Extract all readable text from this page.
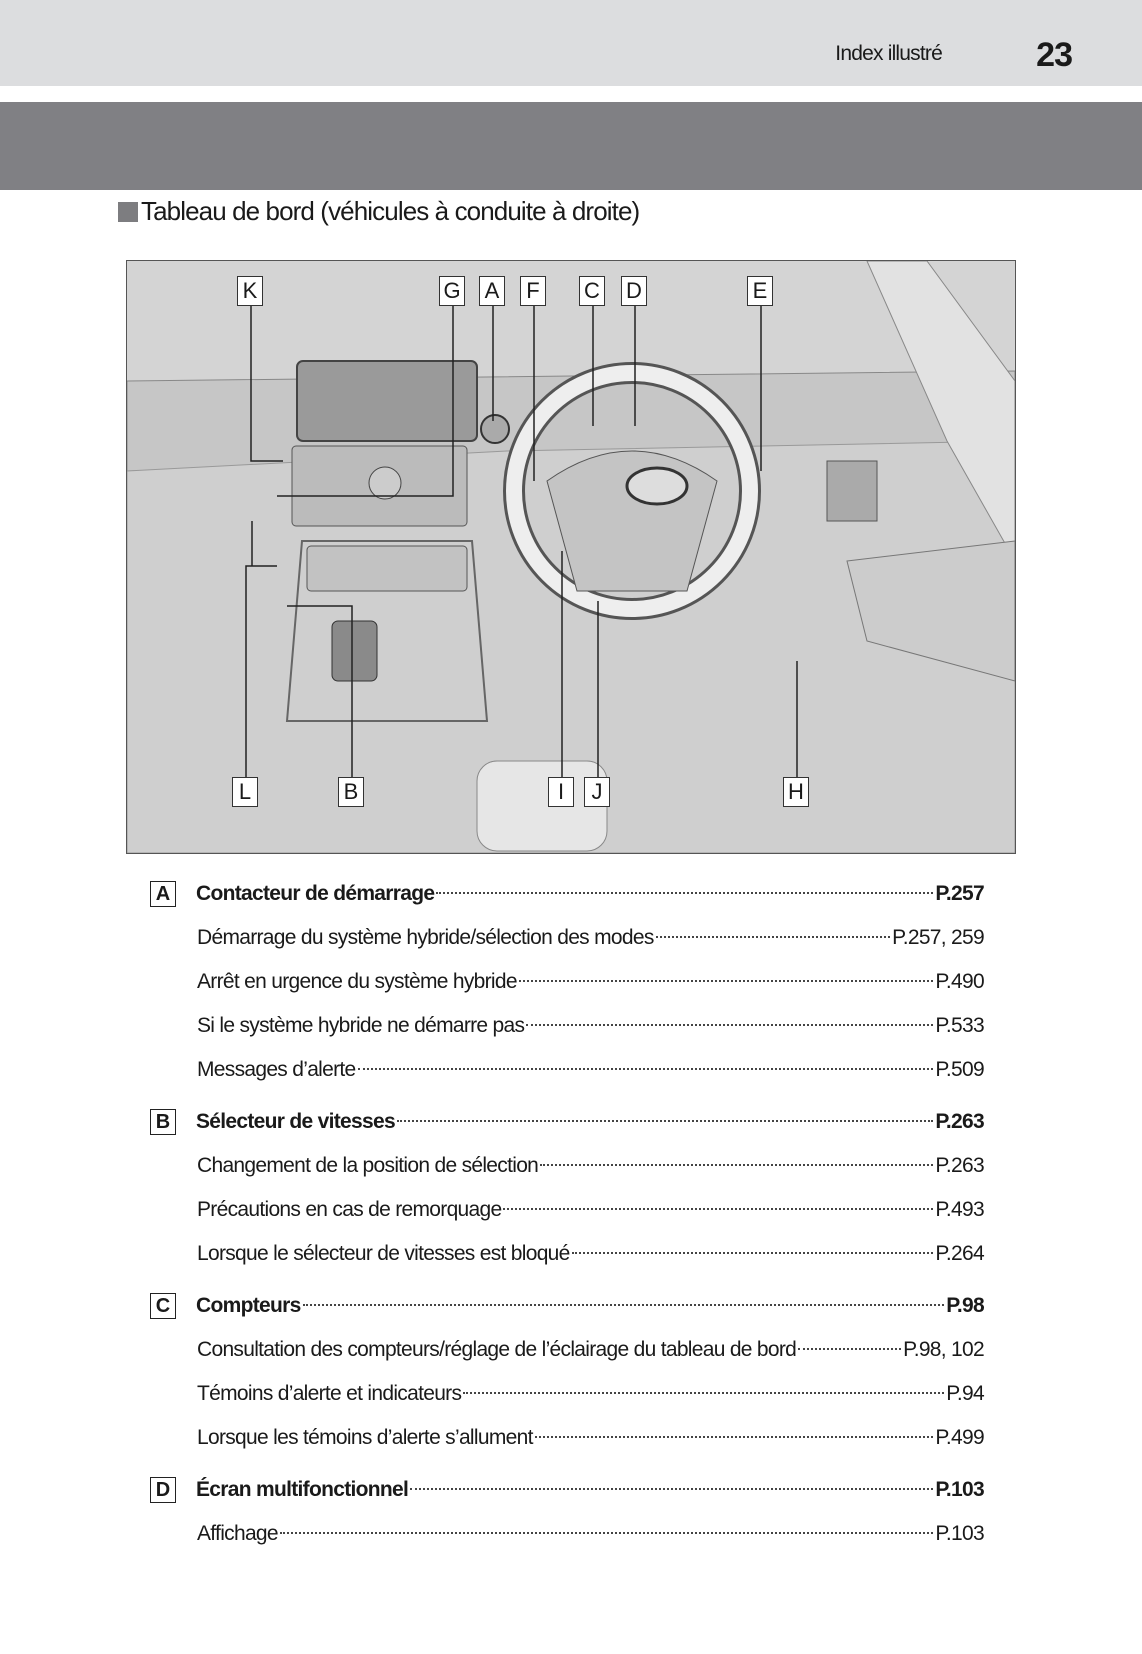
Index illustré	23
Tableau de bord (véhicules à conduite à droite)
K	G A F C D	E
L	B	I	J	H
A Contacteur de démarrage	P.257
Démarrage du système hybride/sélection des modes	P.257, 259
Arrêt en urgence du système hybride	P.490
Si le système hybride ne démarre pas	P.533
Messages d’alerte	P.509
B Sélecteur de vitesses	P.263
Changement de la position de sélection	P.263
Précautions en cas de remorquage	P.493
Lorsque le sélecteur de vitesses est bloqué	P.264
C Compteurs	P.98
Consultation des compteurs/réglage de l’éclairage du tableau de bord	P.98, 102
Témoins d’alerte et indicateurs	P.94
Lorsque les témoins d’alerte s’allument	P.499
D Écran multifonctionnel	P.103
Affichage	P.103
